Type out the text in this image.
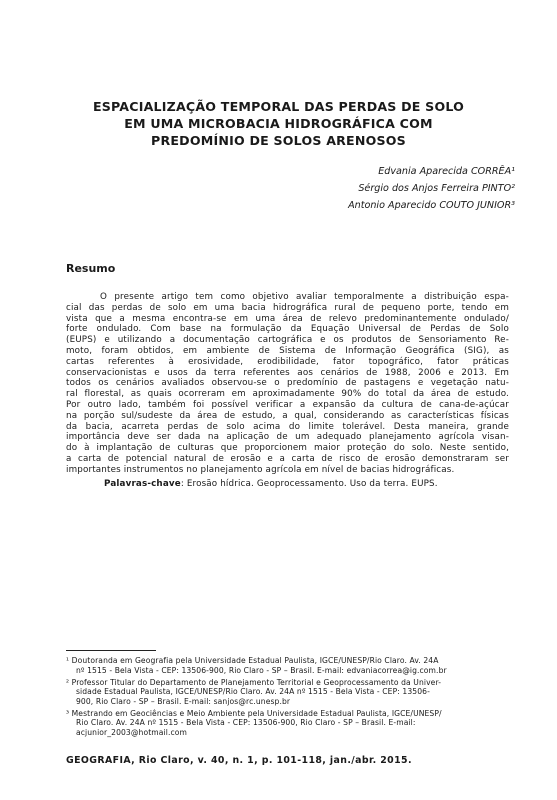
ESPACIALIZAÇÃO TEMPORAL DAS PERDAS DE SOLO
EM UMA MICROBACIA HIDROGRÁFICA COM
PREDOMÍNIO DE SOLOS ARENOSOS
Edvania Aparecida CORRÊA¹
Sérgio dos Anjos Ferreira PINTO²
Antonio Aparecido COUTO JUNIOR³
Resumo
O presente artigo tem como objetivo avaliar temporalmente a distribuição espa-
cial das perdas de solo em uma bacia hidrográfica rural de pequeno porte, tendo em
vista que a mesma encontra-se em uma área de relevo predominantemente ondulado/
forte ondulado. Com base na formulação da Equação Universal de Perdas de Solo
(EUPS) e utilizando a documentação cartográfica e os produtos de Sensoriamento Re-
moto, foram obtidos, em ambiente de Sistema de Informação Geográfica (SIG), as
cartas referentes à erosividade, erodibilidade, fator topográfico, fator práticas
conservacionistas e usos da terra referentes aos cenários de 1988, 2006 e 2013. Em
todos os cenários avaliados observou-se o predomínio de pastagens e vegetação natu-
ral florestal, as quais ocorreram em aproximadamente 90% do total da área de estudo.
Por outro lado, também foi possível verificar a expansão da cultura de cana-de-açúcar
na porção sul/sudeste da área de estudo, a qual, considerando as características físicas
da bacia, acarreta perdas de solo acima do limite tolerável. Desta maneira, grande
importância deve ser dada na aplicação de um adequado planejamento agrícola visan-
do à implantação de culturas que proporcionem maior proteção do solo. Neste sentido,
a carta de potencial natural de erosão e a carta de risco de erosão demonstraram ser
importantes instrumentos no planejamento agrícola em nível de bacias hidrográficas.
Palavras-chave: Erosão hídrica. Geoprocessamento. Uso da terra. EUPS.
¹ Doutoranda em Geografia pela Universidade Estadual Paulista, IGCE/UNESP/Rio Claro. Av. 24A
nº 1515 - Bela Vista - CEP: 13506-900, Rio Claro - SP – Brasil. E-mail: edvaniacorrea@ig.com.br
² Professor Titular do Departamento de Planejamento Territorial e Geoprocessamento da Univer-
sidade Estadual Paulista, IGCE/UNESP/Rio Claro. Av. 24A nº 1515 - Bela Vista - CEP: 13506-
900, Rio Claro - SP – Brasil. E-mail: sanjos@rc.unesp.br
³ Mestrando em Geociências e Meio Ambiente pela Universidade Estadual Paulista, IGCE/UNESP/
Rio Claro. Av. 24A nº 1515 - Bela Vista - CEP: 13506-900, Rio Claro - SP – Brasil. E-mail:
acjunior_2003@hotmail.com
GEOGRAFIA, Rio Claro, v. 40, n. 1, p. 101-118, jan./abr. 2015.
